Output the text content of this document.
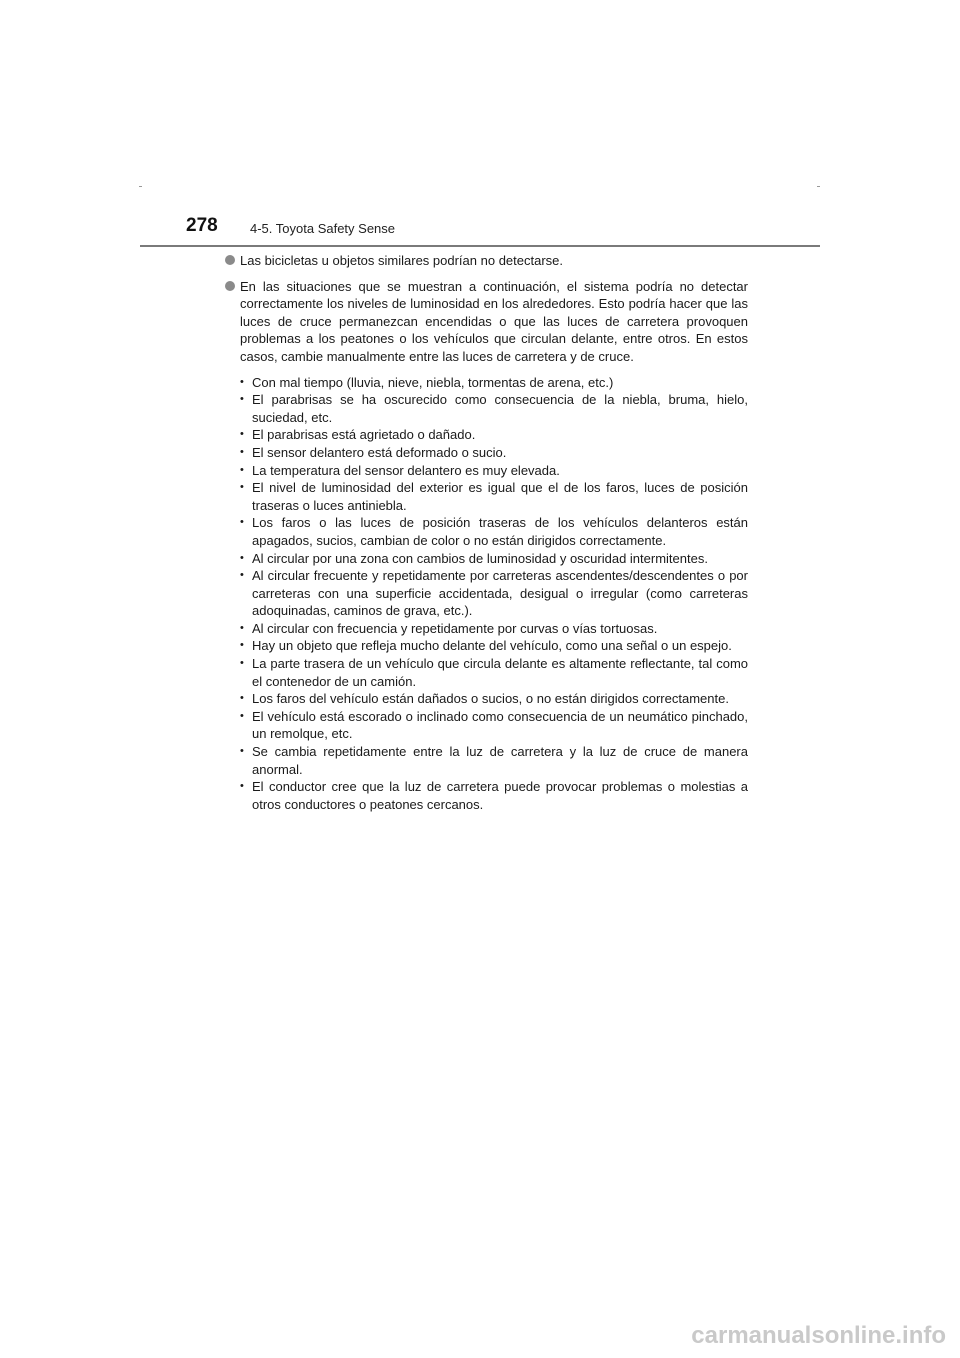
278 4-5. Toyota Safety Sense
Las bicicletas u objetos similares podrían no detectarse.
En las situaciones que se muestran a continuación, el sistema podría no detectar correctamente los niveles de luminosidad en los alrededores. Esto podría hacer que las luces de cruce permanezcan encendidas o que las luces de carretera provoquen problemas a los peatones o los vehículos que circulan delante, entre otros. En estos casos, cambie manualmente entre las luces de carretera y de cruce.
• Con mal tiempo (lluvia, nieve, niebla, tormentas de arena, etc.)
• El parabrisas se ha oscurecido como consecuencia de la niebla, bruma, hielo, suciedad, etc.
• El parabrisas está agrietado o dañado.
• El sensor delantero está deformado o sucio.
• La temperatura del sensor delantero es muy elevada.
• El nivel de luminosidad del exterior es igual que el de los faros, luces de posición traseras o luces antiniebla.
• Los faros o las luces de posición traseras de los vehículos delanteros están apagados, sucios, cambian de color o no están dirigidos correctamente.
• Al circular por una zona con cambios de luminosidad y oscuridad intermitentes.
• Al circular frecuente y repetidamente por carreteras ascendentes/descendentes o por carreteras con una superficie accidentada, desigual o irregular (como carreteras adoquinadas, caminos de grava, etc.).
• Al circular con frecuencia y repetidamente por curvas o vías tortuosas.
• Hay un objeto que refleja mucho delante del vehículo, como una señal o un espejo.
• La parte trasera de un vehículo que circula delante es altamente reflectante, tal como el contenedor de un camión.
• Los faros del vehículo están dañados o sucios, o no están dirigidos correctamente.
• El vehículo está escorado o inclinado como consecuencia de un neumático pinchado, un remolque, etc.
• Se cambia repetidamente entre la luz de carretera y la luz de cruce de manera anormal.
• El conductor cree que la luz de carretera puede provocar problemas o molestias a otros conductores o peatones cercanos.
carmanualsonline.info
